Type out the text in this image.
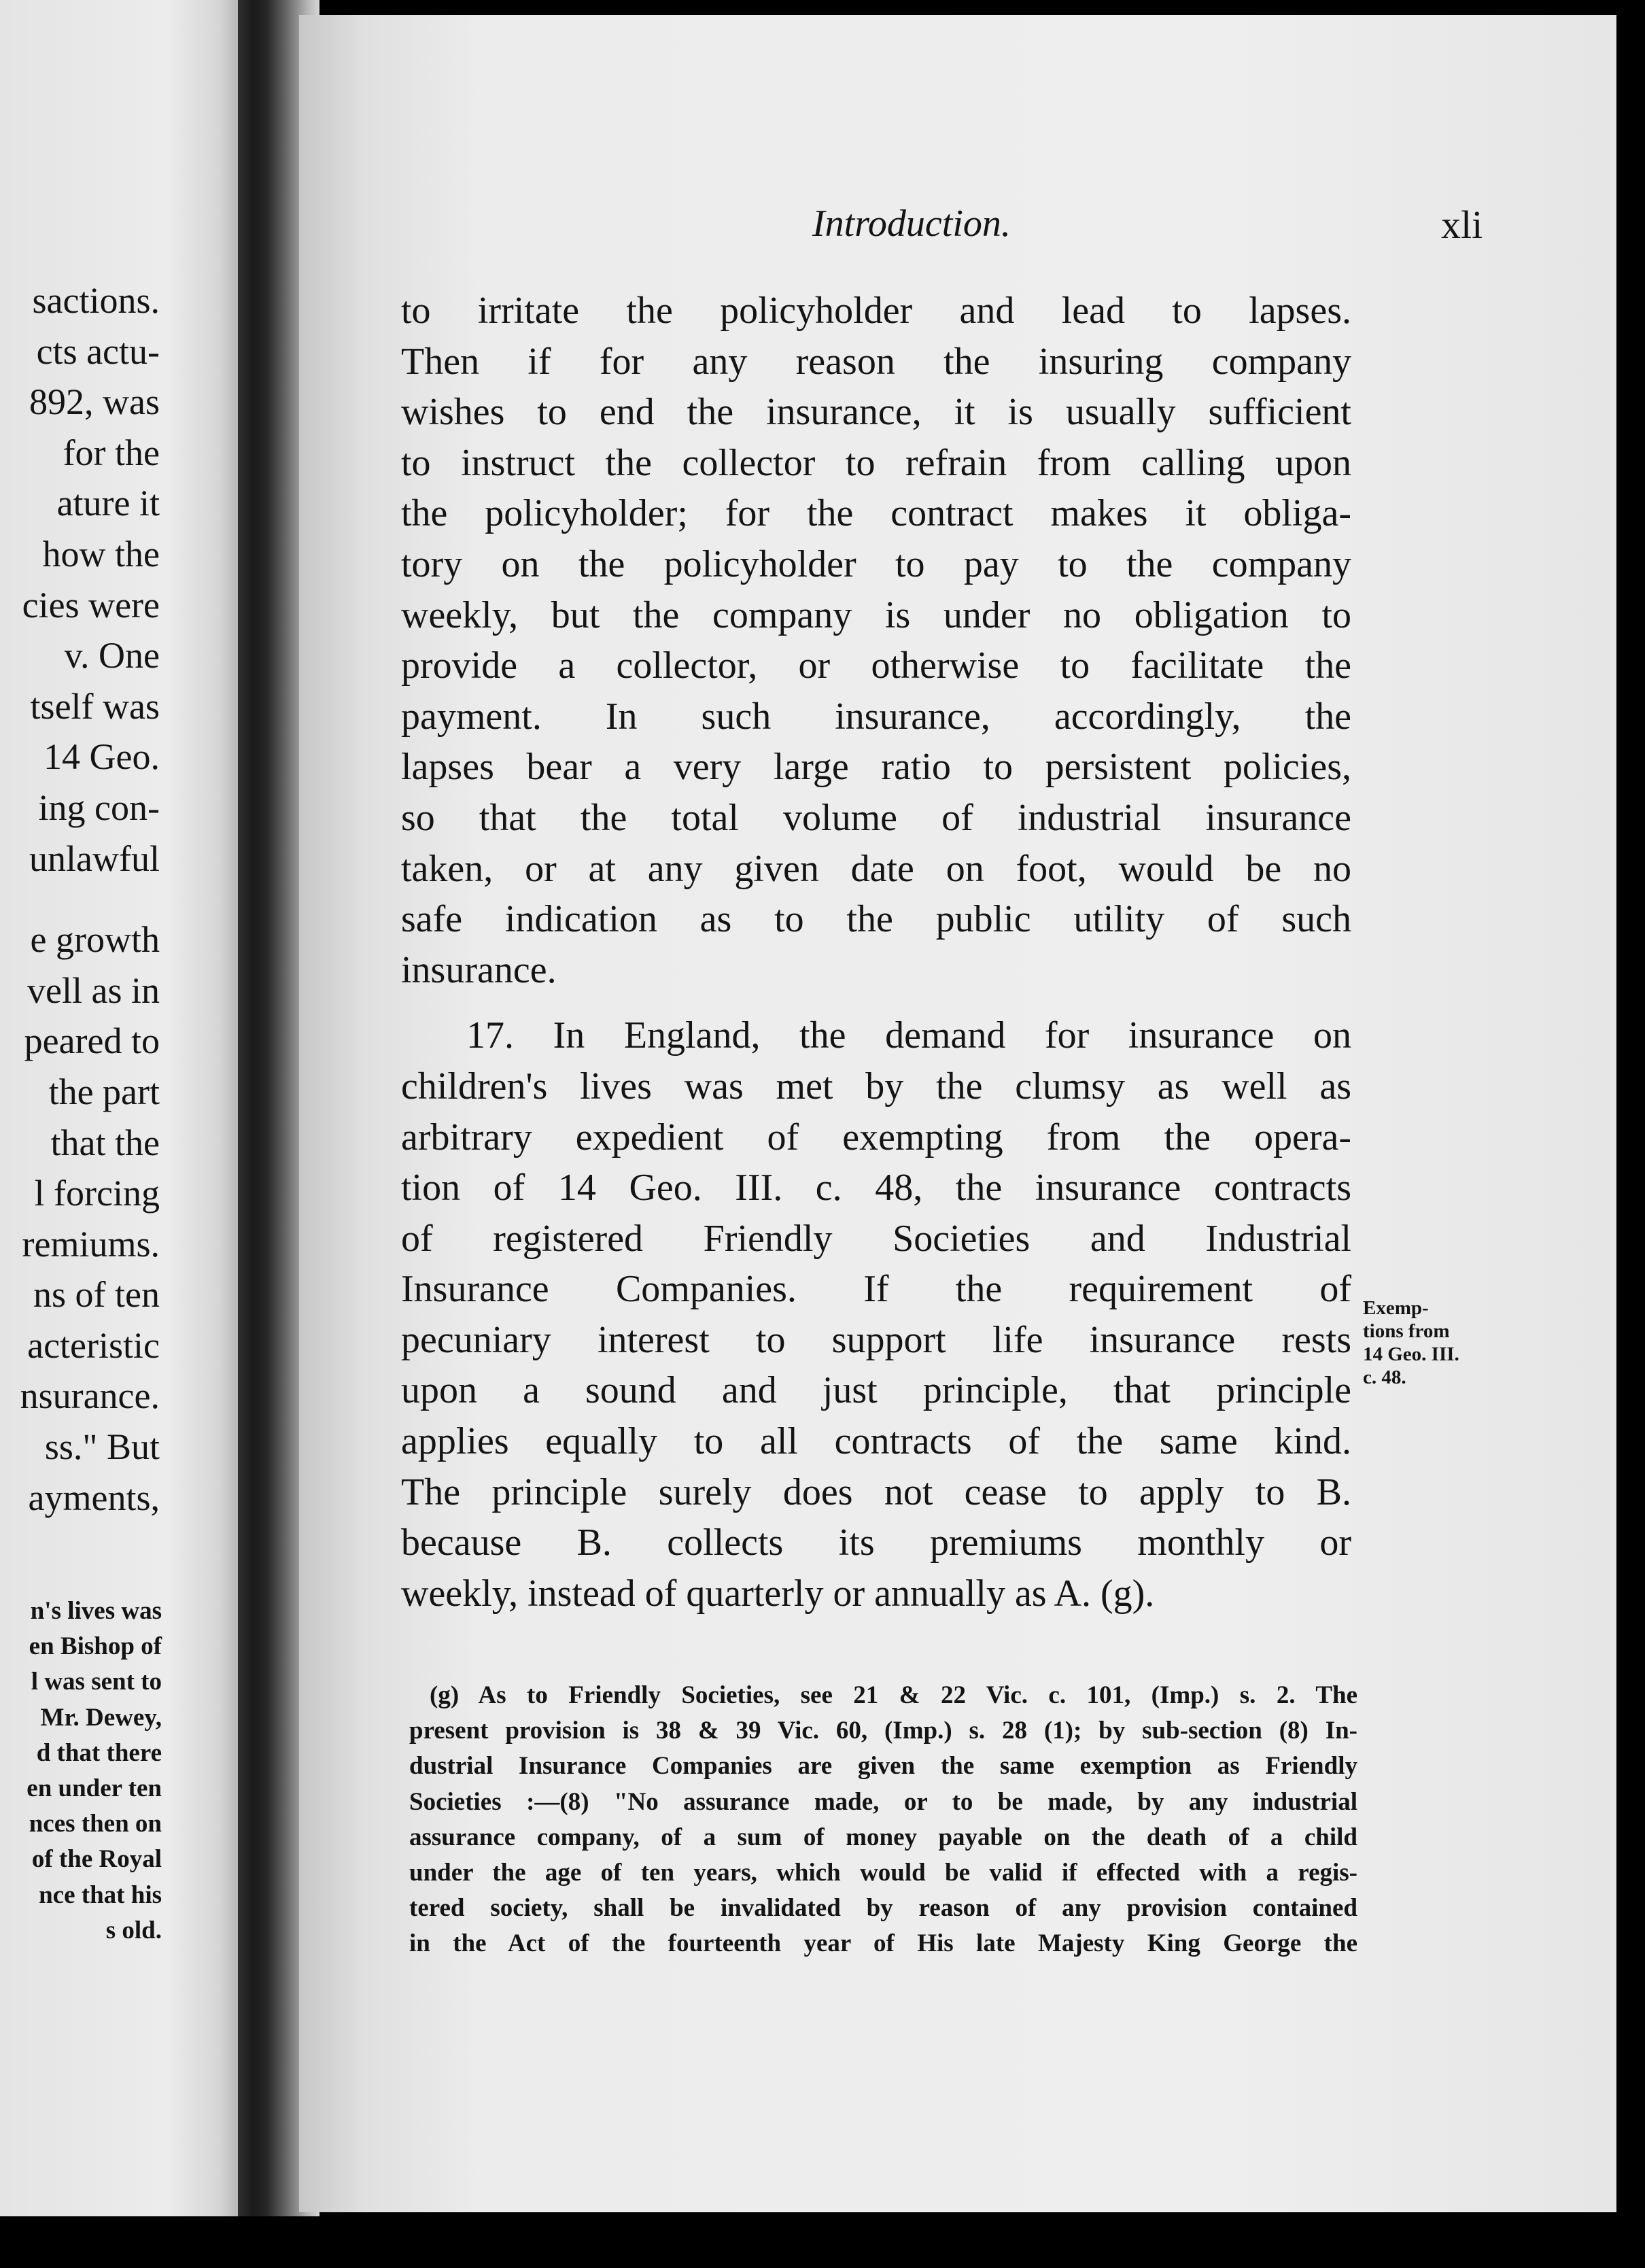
sactions.
cts actu-
892, was
for the
ature it
how the
cies were
v. One
tself was
14 Geo.
ing con-
unlawful
e growth
vell as in
peared to
the part
that the
l forcing
remiums.
ns of ten
acteristic
nsurance.
ss." But
ayments,
n's lives was
en Bishop of
l was sent to
Mr. Dewey,
d that there
en under ten
nces then on
of the Royal
nce that his
s old.
Introduction.	xli
to irritate the policyholder and lead to lapses.
Then if for any reason the insuring company
wishes to end the insurance, it is usually sufficient
to instruct the collector to refrain from calling upon
the policyholder; for the contract makes it obliga-
tory on the policyholder to pay to the company
weekly, but the company is under no obligation to
provide a collector, or otherwise to facilitate the
payment. In such insurance, accordingly, the
lapses bear a very large ratio to persistent policies,
so that the total volume of industrial insurance
taken, or at any given date on foot, would be no
safe indication as to the public utility of such
insurance.
17. In England, the demand for insurance on
children's lives was met by the clumsy as well as
arbitrary expedient of exempting from the opera-
tion of 14 Geo. III. c. 48, the insurance contracts
of registered Friendly Societies and Industrial
Insurance Companies. If the requirement of
pecuniary interest to support life insurance rests
upon a sound and just principle, that principle
applies equally to all contracts of the same kind.
The principle surely does not cease to apply to B.
because B. collects its premiums monthly or
weekly, instead of quarterly or annually as A. (g).
Exemp-
tions from
14 Geo. III.
c. 48.
(g) As to Friendly Societies, see 21 & 22 Vic. c. 101, (Imp.) s. 2. The
present provision is 38 & 39 Vic. 60, (Imp.) s. 28 (1); by sub-section (8) In-
dustrial Insurance Companies are given the same exemption as Friendly
Societies :—(8) "No assurance made, or to be made, by any industrial
assurance company, of a sum of money payable on the death of a child
under the age of ten years, which would be valid if effected with a regis-
tered society, shall be invalidated by reason of any provision contained
in the Act of the fourteenth year of His late Majesty King George the
